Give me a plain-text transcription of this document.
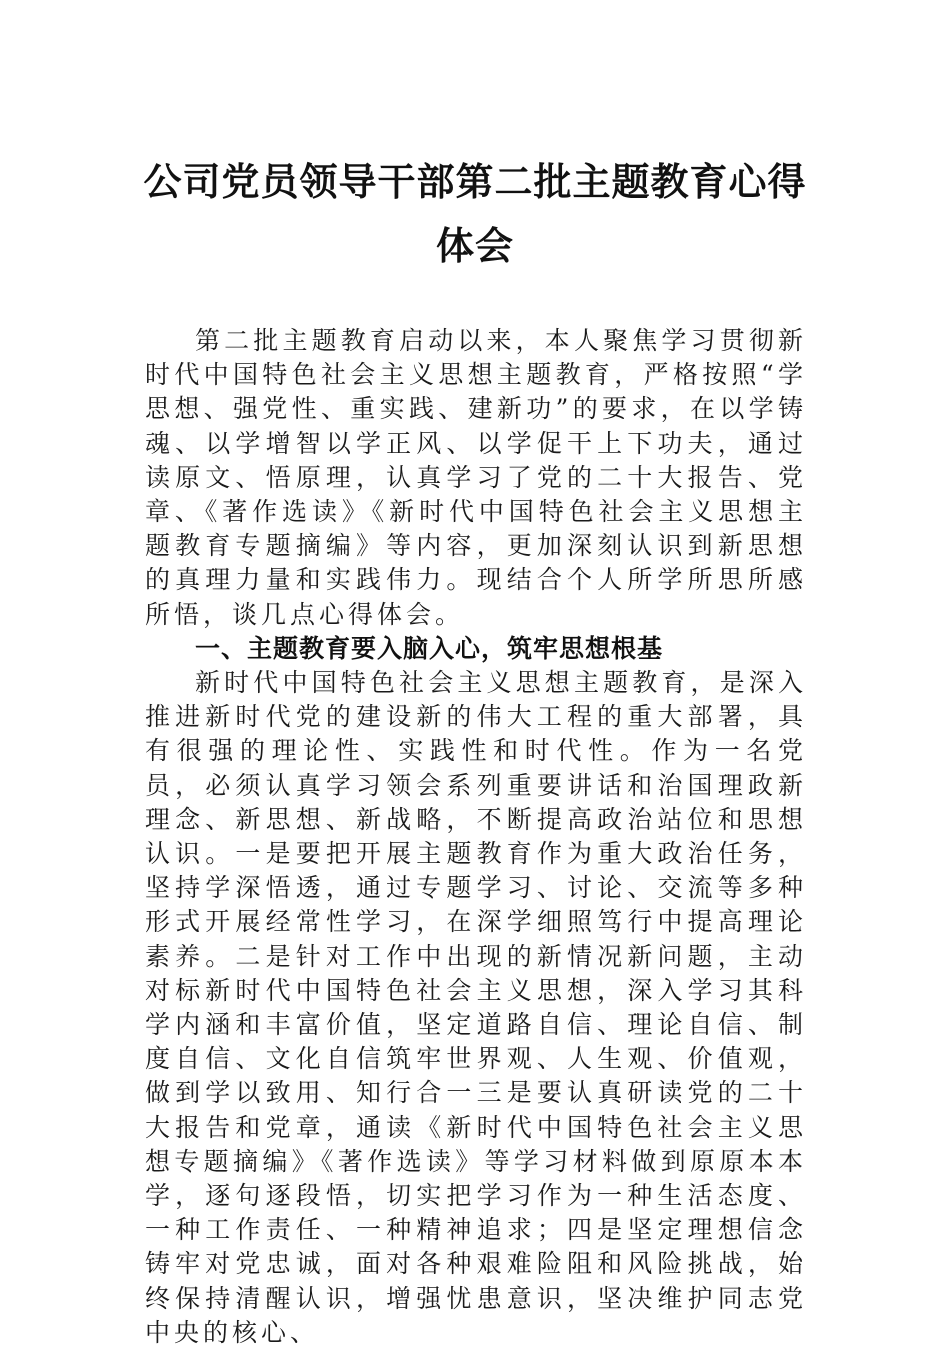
公司党员领导干部第二批主题教育心得体会

第二批主题教育启动以来，本人聚焦学习贯彻新时代中国特色社会主义思想主题教育，严格按照“学思想、强党性、重实践、建新功”的要求，在以学铸魂、以学增智以学正风、以学促干上下功夫，通过读原文、悟原理，认真学习了党的二十大报告、党章、《著作选读》《新时代中国特色社会主义思想主题教育专题摘编》等内容，更加深刻认识到新思想的真理力量和实践伟力。现结合个人所学所思所感所悟，谈几点心得体会。

一、主题教育要入脑入心，筑牢思想根基

新时代中国特色社会主义思想主题教育，是深入推进新时代党的建设新的伟大工程的重大部署，具有很强的理论性、实践性和时代性。作为一名党员，必须认真学习领会系列重要讲话和治国理政新理念、新思想、新战略，不断提高政治站位和思想认识。一是要把开展主题教育作为重大政治任务，坚持学深悟透，通过专题学习、讨论、交流等多种形式开展经常性学习，在深学细照笃行中提高理论素养。二是针对工作中出现的新情况新问题，主动对标新时代中国特色社会主义思想，深入学习其科学内涵和丰富价值，坚定道路自信、理论自信、制度自信、文化自信筑牢世界观、人生观、价值观，做到学以致用、知行合一三是要认真研读党的二十大报告和党章，通读《新时代中国特色社会主义思想专题摘编》《著作选读》等学习材料做到原原本本学，逐句逐段悟，切实把学习作为一种生活态度、一种工作责任、一种精神追求；四是坚定理想信念铸牢对党忠诚，面对各种艰难险阻和风险挑战，始终保持清醒认识，增强忧患意识，坚决维护同志党中央的核心、
